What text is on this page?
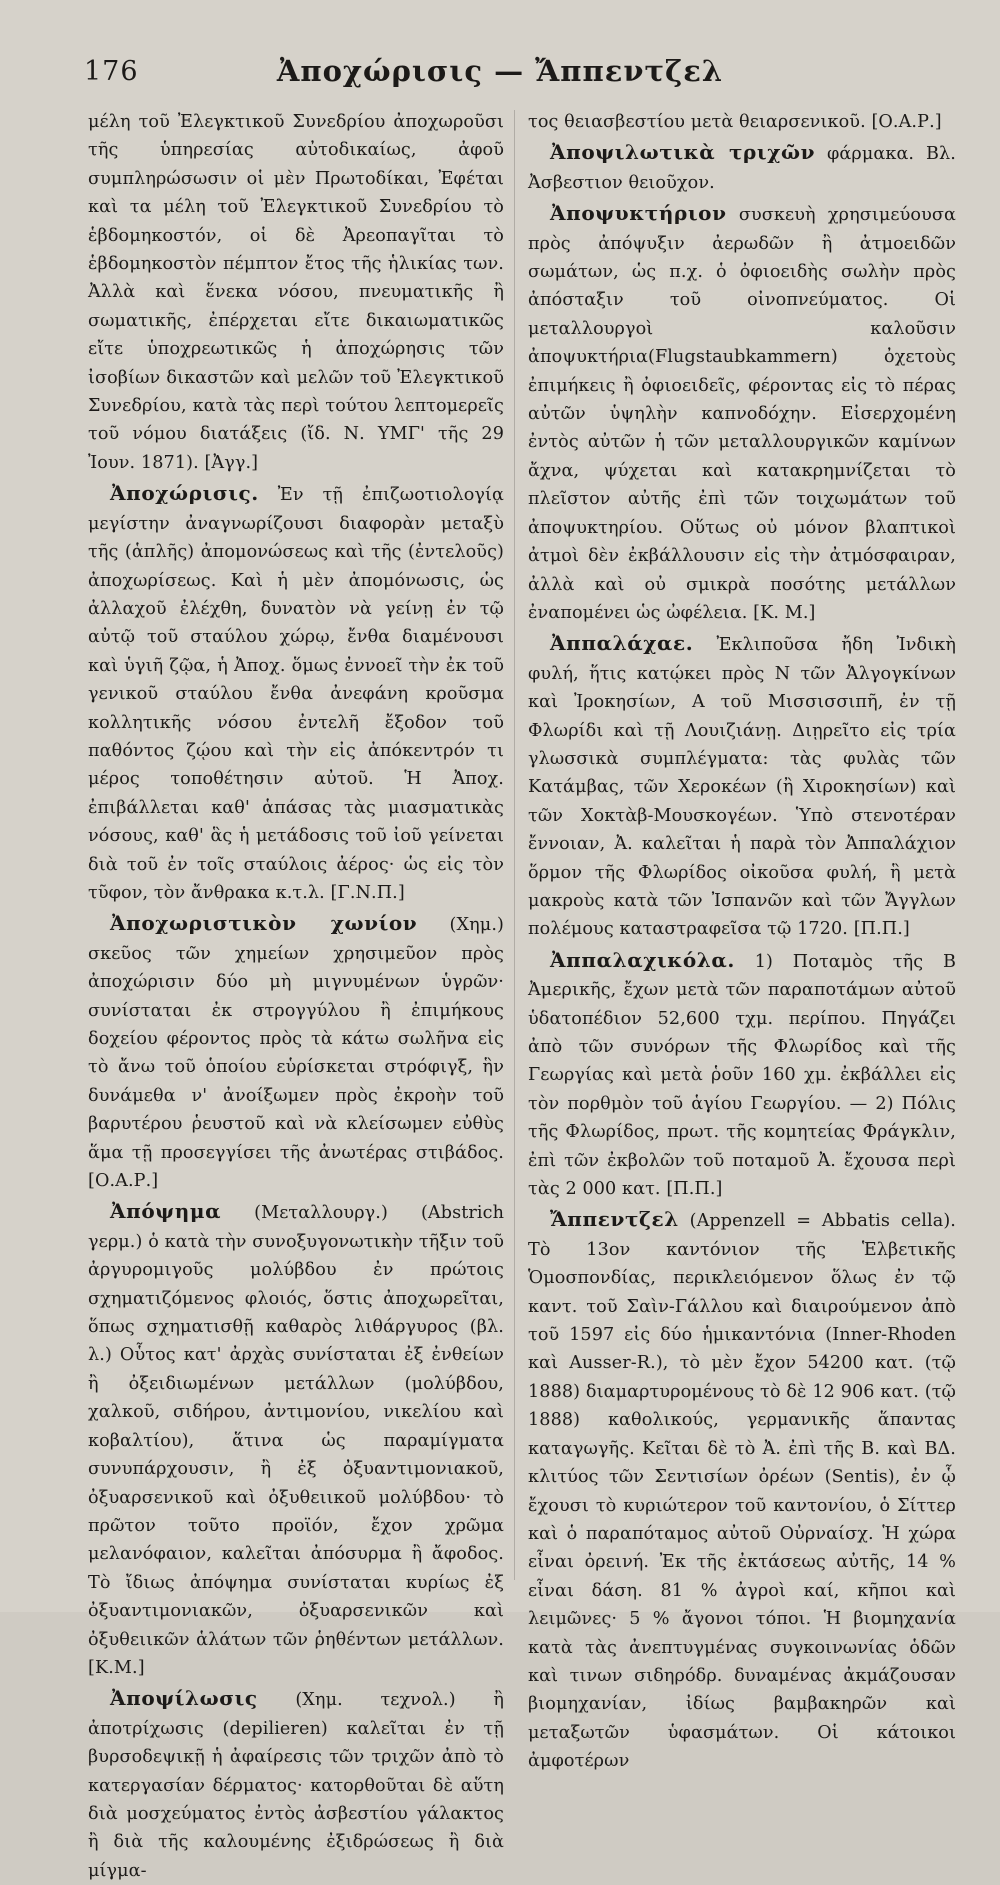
176	Ἀποχώρισις — Ἄππεντζελ

μέλη τοῦ Ἐλεγκτικοῦ Συνεδρίου ἀποχωροῦσι τῆς ὑπηρεσίας αὐτοδικαίως, ἀφοῦ συμπληρώσωσιν οἱ μὲν Πρωτοδίκαι, Ἐφέται καὶ τα μέλη τοῦ Ἐλεγκτικοῦ Συνεδρίου τὸ ἑβδομηκοστόν, οἱ δὲ Ἀρεοπαγῖται τὸ ἑβδομηκοστὸν πέμπτον ἔτος τῆς ἡλικίας των. Ἀλλὰ καὶ ἕνεκα νόσου, πνευματικῆς ἢ σωματικῆς, ἐπέρχεται εἴτε δικαιωματικῶς εἴτε ὑποχρεωτικῶς ἡ ἀποχώρησις τῶν ἰσοβίων δικαστῶν καὶ μελῶν τοῦ Ἐλεγκτικοῦ Συνεδρίου, κατὰ τὰς περὶ τούτου λεπτομερεῖς τοῦ νόμου διατάξεις (ἴδ. Ν. ΥΜΓ' τῆς 29 Ἰουν. 1871). [Ἀγγ.]

Ἀποχώρισις. Ἐν τῇ ἐπιζωοτιολογίᾳ μεγίστην ἀναγνωρίζουσι διαφορὰν μεταξὺ τῆς (ἁπλῆς) ἀπομονώσεως καὶ τῆς (ἐντελοῦς) ἀποχωρίσεως. Καὶ ἡ μὲν ἀπομόνωσις, ὡς ἀλλαχοῦ ἐλέχθη, δυνατὸν νὰ γείνῃ ἐν τῷ αὐτῷ τοῦ σταύλου χώρῳ, ἔνθα διαμένουσι καὶ ὑγιῆ ζῷα, ἡ Ἀποχ. ὅμως ἐννοεῖ τὴν ἐκ τοῦ γενικοῦ σταύλου ἔνθα ἀνεφάνη κροῦσμα κολλητικῆς νόσου ἐντελῆ ἔξοδον τοῦ παθόντος ζῴου καὶ τὴν εἰς ἀπόκεντρόν τι μέρος τοποθέτησιν αὐτοῦ. Ἡ Ἀποχ. ἐπιβάλλεται καθ' ἁπάσας τὰς μιασματικὰς νόσους, καθ' ἃς ἡ μετάδοσις τοῦ ἰοῦ γείνεται διὰ τοῦ ἐν τοῖς σταύλοις ἀέρος· ὡς εἰς τὸν τῦφον, τὸν ἄνθρακα κ.τ.λ. [Γ.Ν.Π.]

Ἀποχωριστικὸν χωνίον (Χημ.) σκεῦος τῶν χημείων χρησιμεῦον πρὸς ἀποχώρισιν δύο μὴ μιγνυμένων ὑγρῶν· συνίσταται ἐκ στρογγύλου ἢ ἐπιμήκους δοχείου φέροντος πρὸς τὰ κάτω σωλῆνα εἰς τὸ ἄνω τοῦ ὁποίου εὑρίσκεται στρόφιγξ, ἣν δυνάμεθα ν' ἀνοίξωμεν πρὸς ἐκροὴν τοῦ βαρυτέρου ῥευστοῦ καὶ νὰ κλείσωμεν εὐθὺς ἅμα τῇ προσεγγίσει τῆς ἀνωτέρας στιβάδος. [Ο.Α.Ρ.]

Ἀπόψημα (Μεταλλουργ.) (Abstrich γερμ.) ὁ κατὰ τὴν συνοξυγονωτικὴν τῆξιν τοῦ ἀργυρομιγοῦς μολύβδου ἐν πρώτοις σχηματιζόμενος φλοιός, ὅστις ἀποχωρεῖται, ὅπως σχηματισθῇ καθαρὸς λιθάργυρος (βλ. λ.) Οὗτος κατ' ἀρχὰς συνίσταται ἐξ ἐνθείων ἢ ὀξειδιωμένων μετάλλων (μολύβδου, χαλκοῦ, σιδήρου, ἀντιμονίου, νικελίου καὶ κοβαλτίου), ἅτινα ὡς παραμίγματα συνυπάρχουσιν, ἢ ἐξ ὀξυαντιμονιακοῦ, ὀξυαρσενικοῦ καὶ ὀξυθειικοῦ μολύβδου· τὸ πρῶτον τοῦτο προϊόν, ἔχον χρῶμα μελανόφαιον, καλεῖται ἀπόσυρμα ἢ ἄφοδος. Τὸ ἴδιως ἀπόψημα συνίσταται κυρίως ἐξ ὀξυαντιμονιακῶν, ὀξυαρσενικῶν καὶ ὀξυθειικῶν ἁλάτων τῶν ῥηθέντων μετάλλων. [Κ.Μ.]

Ἀποψίλωσις (Χημ. τεχνολ.) ἢ ἀποτρίχωσις (depilieren) καλεῖται ἐν τῇ βυρσοδεψικῇ ἡ ἀφαίρεσις τῶν τριχῶν ἀπὸ τὸ κατεργασίαν δέρματος· κατορθοῦται δὲ αὕτη διὰ μοσχεύματος ἐντὸς ἀσβεστίου γάλακτος ἢ διὰ τῆς καλουμένης ἐξιδρώσεως ἢ διὰ μίγμα-

τος θειασβεστίου μετὰ θειαρσενικοῦ. [Ο.Α.Ρ.]

Ἀποψιλωτικὰ τριχῶν φάρμακα. Βλ. Ἀσβεστιον θειοῦχον.

Ἀποψυκτήριον συσκευὴ χρησιμεύουσα πρὸς ἀπόψυξιν ἀερωδῶν ἢ ἀτμοειδῶν σωμάτων, ὡς π.χ. ὁ ὀφιοειδὴς σωλὴν πρὸς ἀπόσταξιν τοῦ οἰνοπνεύματος. Οἱ μεταλλουργοὶ καλοῦσιν ἀποψυκτήρια(Flugstaubkammern) ὀχετοὺς ἐπιμήκεις ἢ ὀφιοειδεῖς, φέροντας εἰς τὸ πέρας αὐτῶν ὑψηλὴν καπνοδόχην. Εἰσερχομένη ἐντὸς αὐτῶν ἡ τῶν μεταλλουργικῶν καμίνων ἄχνα, ψύχεται καὶ κατακρημνίζεται τὸ πλεῖστον αὐτῆς ἐπὶ τῶν τοιχωμάτων τοῦ ἀποψυκτηρίου. Οὕτως οὐ μόνον βλαπτικοὶ ἀτμοὶ δὲν ἐκβάλλουσιν εἰς τὴν ἀτμόσφαιραν, ἀλλὰ καὶ οὐ σμικρὰ ποσότης μετάλλων ἐναπομένει ὡς ὠφέλεια. [Κ. Μ.]

Ἀππαλάχαε. Ἐκλιποῦσα ἤδη Ἰνδικὴ φυλή, ἥτις κατῴκει πρὸς Ν τῶν Ἀλγογκίνων καὶ Ἰροκησίων, Α τοῦ Μισσισσιπῆ, ἐν τῇ Φλωρίδι καὶ τῇ Λουιζιάνῃ. Διῃρεῖτο εἰς τρία γλωσσικὰ συμπλέγματα: τὰς φυλὰς τῶν Κατάμβας, τῶν Χεροκέων (ἢ Χιροκησίων) καὶ τῶν Χοκτὰβ-Μουσκογέων. Ὑπὸ στενοτέραν ἔννοιαν, Ἀ. καλεῖται ἡ παρὰ τὸν Ἀππαλάχιον ὅρμον τῆς Φλωρίδος οἰκοῦσα φυλή, ἣ μετὰ μακροὺς κατὰ τῶν Ἰσπανῶν καὶ τῶν Ἄγγλων πολέμους καταστραφεῖσα τῷ 1720. [Π.Π.]

Ἀππαλαχικόλα. 1) Ποταμὸς τῆς Β Ἀμερικῆς, ἔχων μετὰ τῶν παραποτάμων αὐτοῦ ὑδατοπέδιον 52,600 τχμ. περίπου. Πηγάζει ἀπὸ τῶν συνόρων τῆς Φλωρίδος καὶ τῆς Γεωργίας καὶ μετὰ ῥοῦν 160 χμ. ἐκβάλλει εἰς τὸν πορθμὸν τοῦ ἁγίου Γεωργίου. — 2) Πόλις τῆς Φλωρίδος, πρωτ. τῆς κομητείας Φράγκλιν, ἐπὶ τῶν ἐκβολῶν τοῦ ποταμοῦ Ἀ. ἔχουσα περὶ τὰς 2 000 κατ. [Π.Π.]

Ἄππεντζελ (Appenzell = Abbatis cella). Τὸ 13ον καντόνιον τῆς Ἑλβετικῆς Ὁμοσπονδίας, περικλειόμενον ὅλως ἐν τῷ καντ. τοῦ Σαὶν-Γάλλου καὶ διαιρούμενον ἀπὸ τοῦ 1597 εἰς δύο ἡμικαντόνια (Inner-Rhoden καὶ Ausser-R.), τὸ μὲν ἔχον 54200 κατ. (τῷ 1888) διαμαρτυρομένους τὸ δὲ 12 906 κατ. (τῷ 1888) καθολικούς, γερμανικῆς ἅπαντας καταγωγῆς. Κεῖται δὲ τὸ Ἀ. ἐπὶ τῆς Β. καὶ ΒΔ. κλιτύος τῶν Σεντισίων ὀρέων (Sentis), ἐν ᾧ ἔχουσι τὸ κυριώτερον τοῦ καντονίου, ὁ Σίττερ καὶ ὁ παραπόταμος αὐτοῦ Οὐρναίσχ. Ἡ χώρα εἶναι ὀρεινή. Ἐκ τῆς ἐκτάσεως αὐτῆς, 14 % εἶναι δάση. 81 % ἀγροὶ καί, κῆποι καὶ λειμῶνες· 5 % ἄγονοι τόποι. Ἡ βιομηχανία κατὰ τὰς ἀνεπτυγμένας συγκοινωνίας ὁδῶν καὶ τινων σιδηρόδρ. δυναμένας ἀκμάζουσαν βιομηχανίαν, ἰδίως βαμβακηρῶν καὶ μεταξωτῶν ὑφασμάτων. Οἱ κάτοικοι ἀμφοτέρων
